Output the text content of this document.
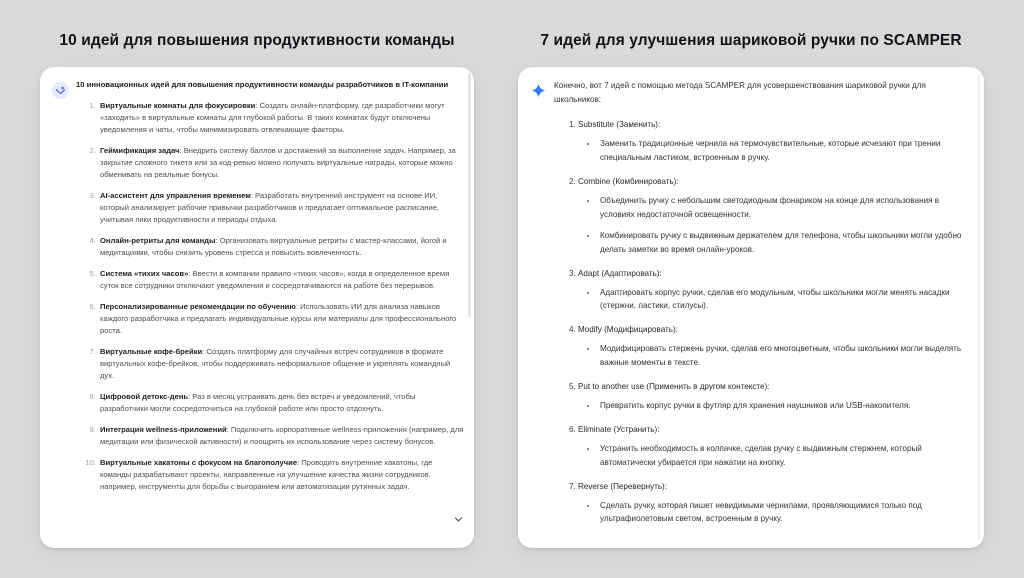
10 идей для повышения продуктивности команды

10 инновационных идей для повышения продуктивности команды разработчиков в IT-компании

1. Виртуальные комнаты для фокусировки: Создать онлайн-платформу, где разработчики могут «заходить» в виртуальные комнаты для глубокой работы. В таких комнатах будут отключены уведомления и чаты, чтобы минимизировать отвлекающие факторы.
2. Геймификация задач: Внедрить систему баллов и достижений за выполнение задач. Например, за закрытие сложного тикета или за код-ревью можно получать виртуальные награды, которые можно обменивать на реальные бонусы.
3. AI-ассистент для управления временем: Разработать внутренний инструмент на основе ИИ, который анализирует рабочие привычки разработчиков и предлагает оптимальное расписание, учитывая пики продуктивности и периоды отдыха.
4. Онлайн-ретриты для команды: Организовать виртуальные ретриты с мастер-классами, йогой и медитациями, чтобы снизить уровень стресса и повысить вовлеченность.
5. Система «тихих часов»: Ввести в компании правило «тихих часов», когда в определенное время суток все сотрудники отключают уведомления и сосредотачиваются на работе без перерывов.
6. Персонализированные рекомендации по обучению: Использовать ИИ для анализа навыков каждого разработчика и предлагать индивидуальные курсы или материалы для профессионального роста.
7. Виртуальные кофе-брейки: Создать платформу для случайных встреч сотрудников в формате виртуальных кофе-брейков, чтобы поддерживать неформальное общение и укреплять командный дух.
8. Цифровой детокс-день: Раз в месяц устраивать день без встреч и уведомлений, чтобы разработчики могли сосредоточиться на глубокой работе или просто отдохнуть.
9. Интеграция wellness-приложений: Подключить корпоративные wellness-приложения (например, для медитации или физической активности) и поощрять их использование через систему бонусов.
10. Виртуальные хакатоны с фокусом на благополучие: Проводить внутренние хакатоны, где команды разрабатывают проекты, направленные на улучшение качества жизни сотрудников, например, инструменты для борьбы с выгоранием или автоматизации рутинных задач.
7 идей для улучшения шариковой ручки по SCAMPER

Конечно, вот 7 идей с помощью метода SCAMPER для усовершенствования шариковой ручки для школьников:

1. Substitute (Заменить):
• Заменить традиционные чернила на термочувствительные, которые исчезают при трении специальным ластиком, встроенным в ручку.
2. Combine (Комбинировать):
• Объединить ручку с небольшим светодиодным фонариком на конце для использования в условиях недостаточной освещенности.
• Комбинировать ручку с выдвижным держателем для телефона, чтобы школьники могли удобно делать заметки во время онлайн-уроков.
3. Adapt (Адаптировать):
• Адаптировать корпус ручки, сделав его модульным, чтобы школьники могли менять насадки (стержни, ластики, стилусы).
4. Modify (Модифицировать):
• Модифицировать стержень ручки, сделав его многоцветным, чтобы школьники могли выделять важные моменты в тексте.
5. Put to another use (Применить в другом контексте):
• Превратить корпус ручки в футляр для хранения наушников или USB-накопителя.
6. Eliminate (Устранить):
• Устранить необходимость в колпачке, сделав ручку с выдвижным стержнем, который автоматически убирается при нажатии на кнопку.
7. Reverse (Перевернуть):
• Сделать ручку, которая пишет невидимыми чернилами, проявляющимися только под ультрафиолетовым светом, встроенным в ручку.
